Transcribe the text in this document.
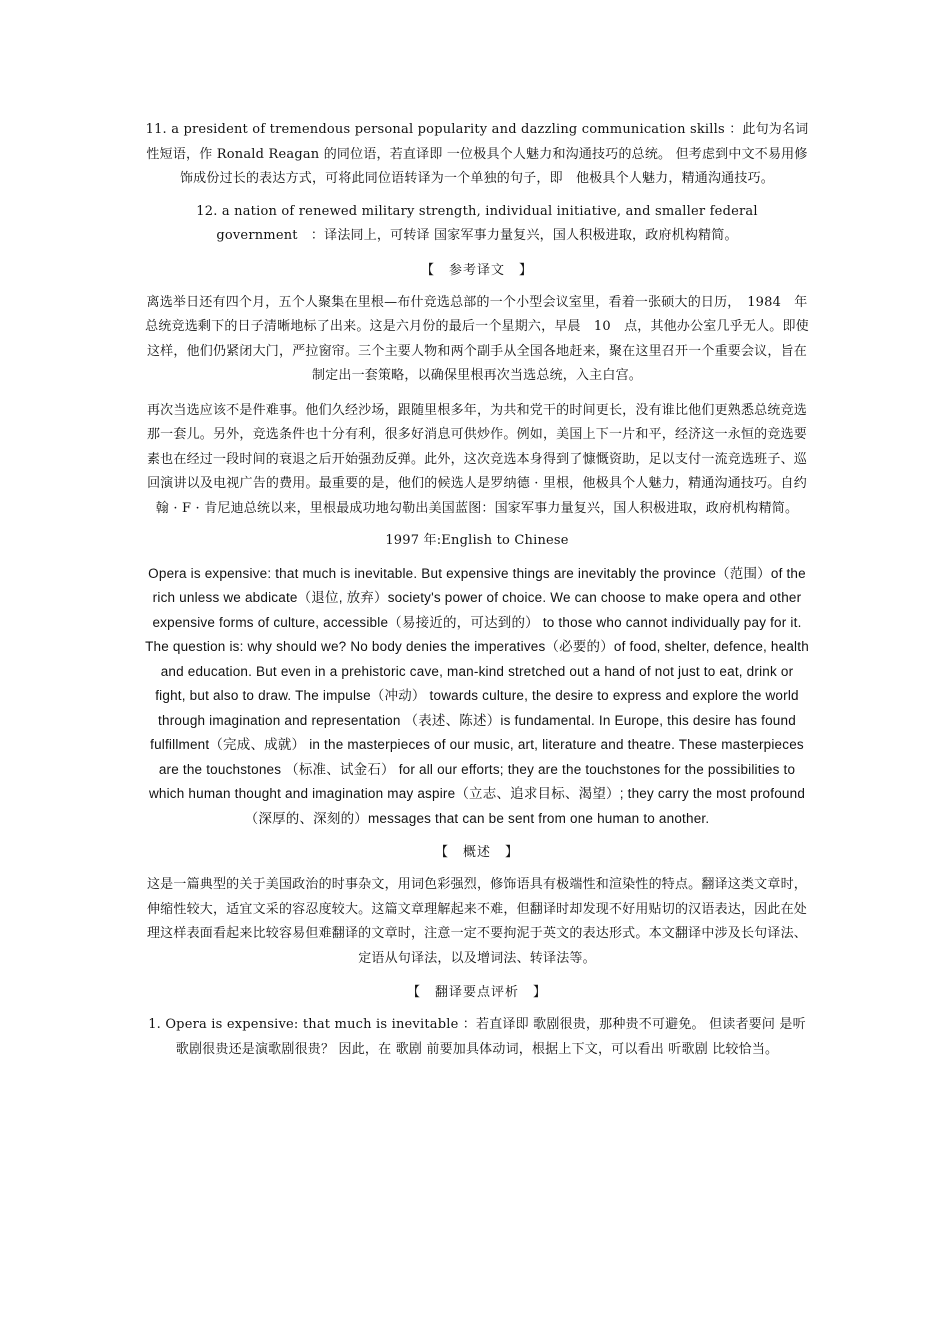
11. a president of tremendous personal popularity and dazzling communication skills ：此句为名词性短语，作 Ronald Reagan 的同位语，若直译即 一位极具个人魅力和沟通技巧的总统。 但考虑到中文不易用修饰成份过长的表达方式，可将此同位语转译为一个单独的句子，即　他极具个人魅力，精通沟通技巧。

12. a nation of renewed military strength, individual initiative, and smaller federal government　：译法同上，可转译 国家军事力量复兴，国人积极进取，政府机构精简。

【　参考译文　】

离选举日还有四个月，五个人聚集在里根—布什竞选总部的一个小型会议室里，看着一张硕大的日历，　1984　年总统竞选剩下的日子清晰地标了出来。这是六月份的最后一个星期六，早晨　10　点，其他办公室几乎无人。即使这样，他们仍紧闭大门，严拉窗帘。三个主要人物和两个副手从全国各地赶来，聚在这里召开一个重要会议，旨在制定出一套策略，以确保里根再次当选总统，入主白宫。

再次当选应该不是件难事。他们久经沙场，跟随里根多年，为共和党干的时间更长，没有谁比他们更熟悉总统竞选那一套儿。另外，竞选条件也十分有利，很多好消息可供炒作。例如，美国上下一片和平，经济这一永恒的竞选要素也在经过一段时间的衰退之后开始强劲反弹。此外，这次竞选本身得到了慷慨资助，足以支付一流竞选班子、巡回演讲以及电视广告的费用。最重要的是，他们的候选人是罗纳德 · 里根，他极具个人魅力，精通沟通技巧。自约翰 · F · 肯尼迪总统以来，里根最成功地勾勒出美国蓝图：国家军事力量复兴，国人积极进取，政府机构精简。

1997 年:English to Chinese

Opera is expensive: that much is inevitable. But expensive things are inevitably the province（范围）of the rich unless we abdicate（退位, 放弃）society's power of choice. We can choose to make opera and other expensive forms of culture, accessible（易接近的，可达到的） to those who cannot individually pay for it. The question is: why should we? No body denies the imperatives（必要的）of food, shelter, defence, health and education. But even in a prehistoric cave, man-kind stretched out a hand of not just to eat, drink or fight, but also to draw. The impulse（冲动） towards culture, the desire to express and explore the world through imagination and representation （表述、陈述）is fundamental. In Europe, this desire has found fulfillment（完成、成就） in the masterpieces of our music, art, literature and theatre. These masterpieces are the touchstones （标准、试金石） for all our efforts; they are the touchstones for the possibilities to which human thought and imagination may aspire（立志、追求目标、渴望）; they carry the most profound （深厚的、深刻的）messages that can be sent from one human to another.

【　概述　】

这是一篇典型的关于美国政治的时事杂文，用词色彩强烈，修饰语具有极端性和渲染性的特点。翻译这类文章时，伸缩性较大，适宜文采的容忍度较大。这篇文章理解起来不难，但翻译时却发现不好用贴切的汉语表达，因此在处理这样表面看起来比较容易但难翻译的文章时，注意一定不要拘泥于英文的表达形式。本文翻译中涉及长句译法、定语从句译法，以及增词法、转译法等。

【　翻译要点评析　】

1. Opera is expensive: that much is inevitable ：若直译即 歌剧很贵，那种贵不可避免。 但读者要问 是听歌剧很贵还是演歌剧很贵？ 因此，在 歌剧 前要加具体动词，根据上下文，可以看出 听歌剧 比较恰当。
